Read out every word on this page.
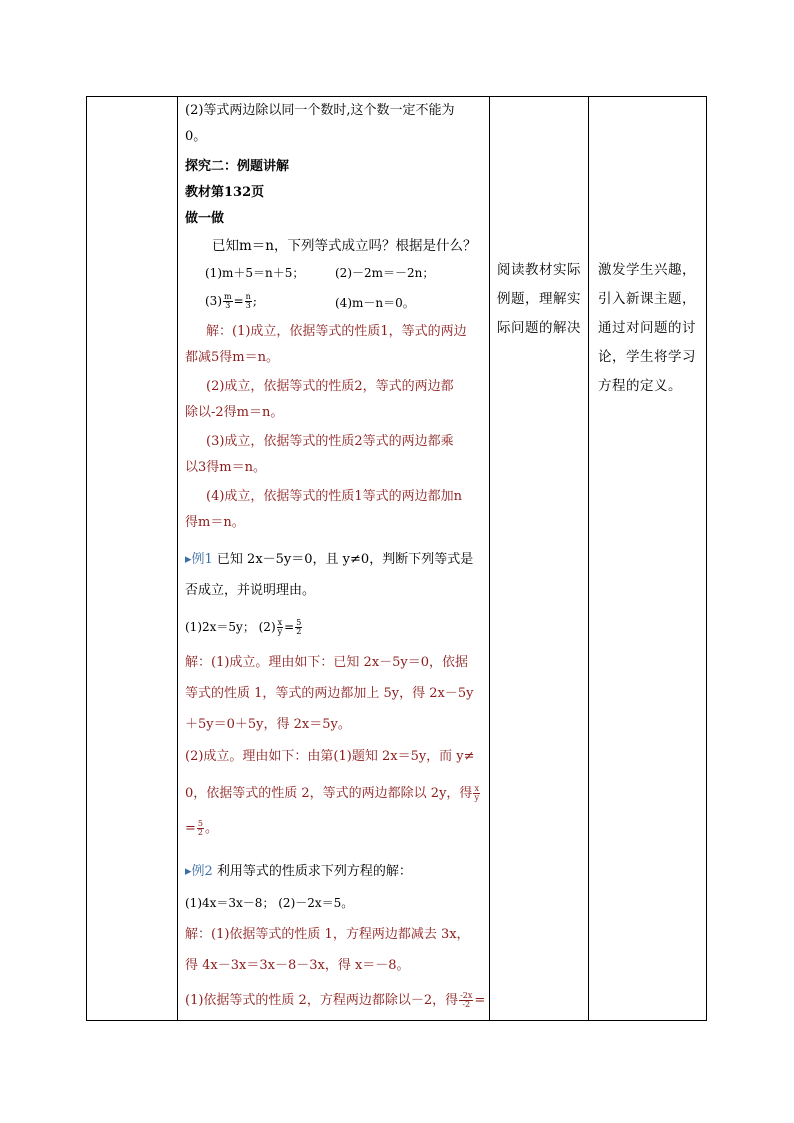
(2)等式两边除以同一个数时,这个数一定不能为
0。
探究二：例题讲解
教材第132页
做一做
已知m＝n，下列等式成立吗？根据是什么？
(1)m＋5＝n＋5；	(2)－2m＝－2n；
$(3) \frac{m}{3} = \frac{n}{3}$ ;	(4)m－n＝0。
解：(1)成立，依据等式的性质1，等式的两边
都减5得m＝n。
(2)成立，依据等式的性质2，等式的两边都
除以-2得m＝n。
(3)成立，依据等式的性质2等式的两边都乘
以3得m＝n。
(4)成立，依据等式的性质1等式的两边都加n
得m＝n。
▸例1 已知 2x－5y＝0，且 y≠0，判断下列等式是
否成立，并说明理由。
(1)2x＝5y； $(2) \frac{x}{y} = \frac{5}{2}$
解：(1)成立。理由如下：已知 2x－5y＝0，依据
等式的性质 1，等式的两边都加上 5y，得 2x－5y
＋5y＝0＋5y，得 2x＝5y。
(2)成立。理由如下：由第(1)题知 2x＝5y，而 y≠
0，依据等式的性质 2，等式的两边都除以 2y，得 $\frac{x}{y}$
= $\frac{5}{2}$ 。
▸例2 利用等式的性质求下列方程的解：
(1)4x＝3x－8； (2)－2x＝5。
解：(1)依据等式的性质 1，方程两边都减去 3x，
得 4x－3x＝3x－8－3x，得 x＝－8。
(1)依据等式的性质 2，方程两边都除以－2，得 $\frac{-2x}{-2}$ =
阅读教材实际
例题，理解实
际问题的解决
激发学生兴趣，
引入新课主题，
通过对问题的讨
论，学生将学习
方程的定义。
